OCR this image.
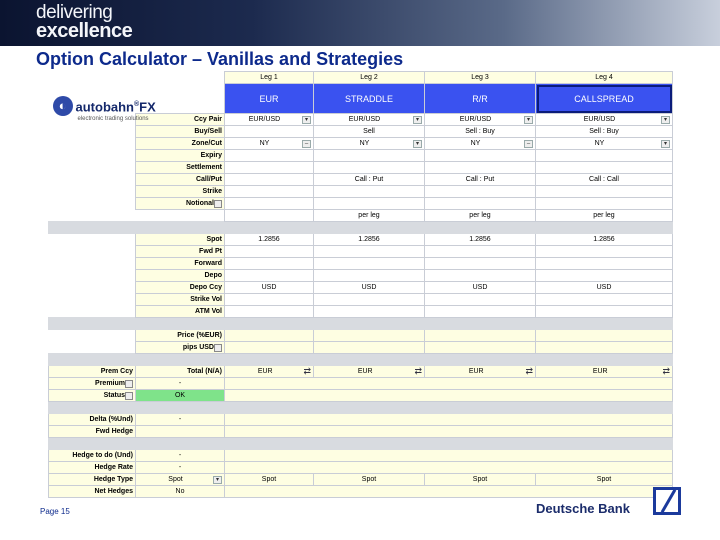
delivering
excellence
Option Calculator – Vanillas and Strategies
◐ autobahn®FX
electronic trading solutions		Leg 1	Leg 2	Leg 3	Leg 4
		EUR	STRADDLE	R/R	CALLSPREAD

	Ccy Pair	EUR/USD ▾	EUR/USD ▾	EUR/USD ▾	EUR/USD ▾

	Buy/Sell		Sell	Sell : Buy	Sell : Buy
	Zone/Cut	NY –	NY ▾	NY –	NY ▾

	Expiry				
	Settlement				
	Call/Put		Call : Put	Call : Put	Call : Call
	Strike				
	Notional

			per leg	per leg	per leg

	Spot	1.2856	1.2856	1.2856	1.2856
	Fwd Pt				
	Forward				
	Depo				
	Depo Ccy	USD	USD	USD	USD
	Strike Vol				
	ATM Vol				

	Price (%EUR)				
	pips USD

Prem Ccy	Total (N/A)	EUR ⇄	EUR ⇄	EUR ⇄	EUR ⇄

Premium	-				
Status	OK				

Delta (%Und)	-				
Fwd Hedge					

Hedge to do (Und)	-				
Hedge Rate	-				
Hedge Type	Spot ▾	Spot	Spot	Spot	Spot
Net Hedges	No				
Page 15	Deutsche Bank
